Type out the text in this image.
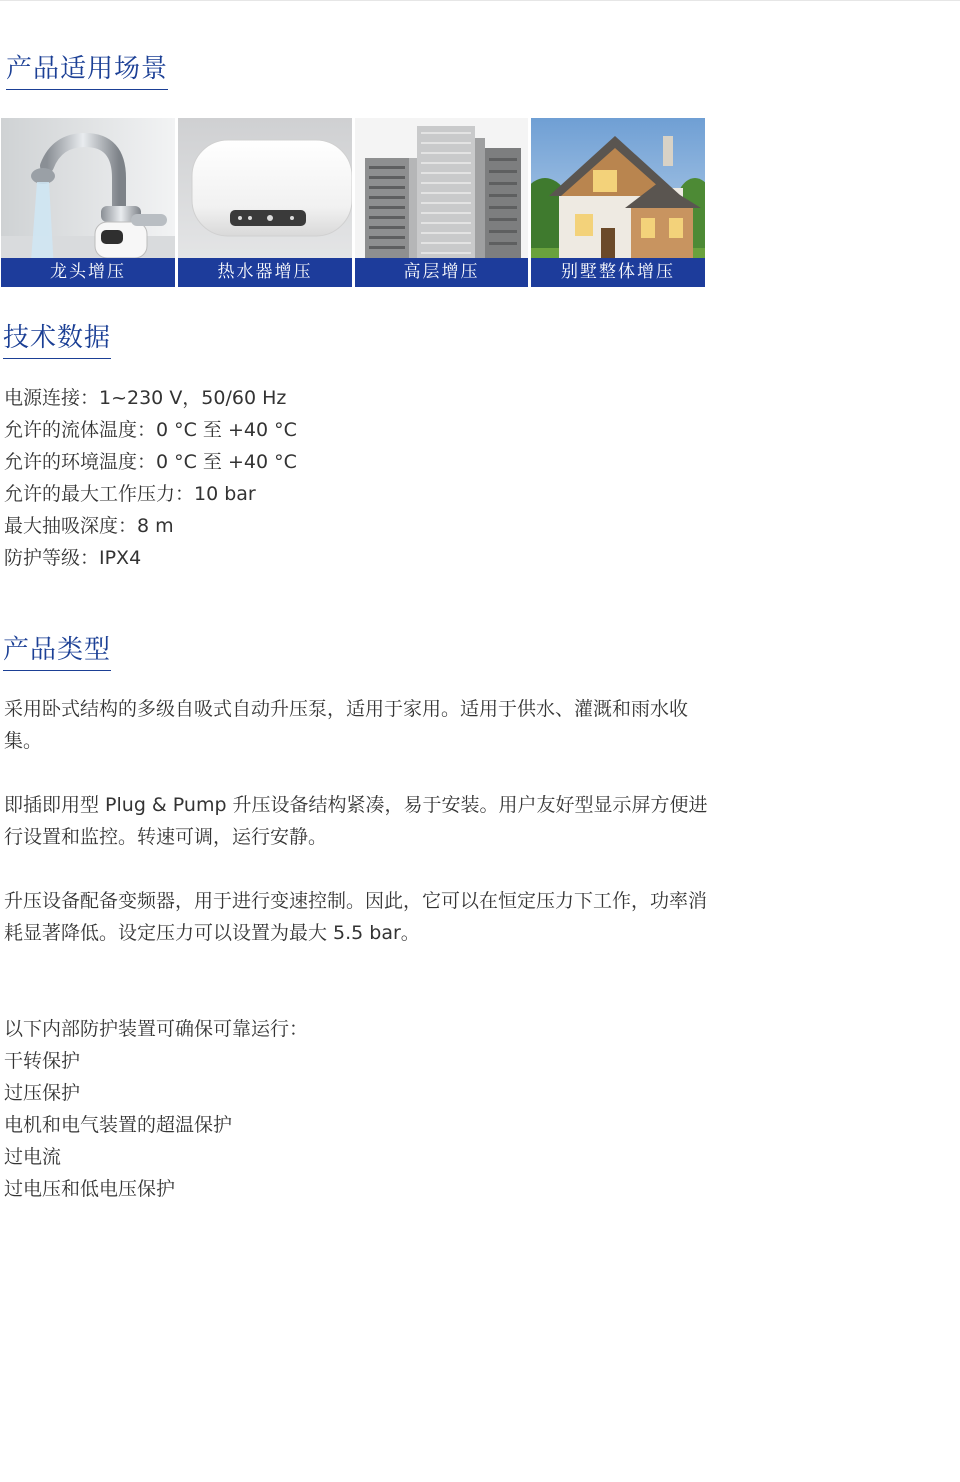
产品适用场景
龙头增压	热水器增压	高层增压	别墅整体增压
技术数据
电源连接：1~230 V，50/60 Hz
允许的流体温度：0 °C 至 +40 °C
允许的环境温度：0 °C 至 +40 °C
允许的最大工作压力：10 bar
最大抽吸深度：8 m
防护等级：IPX4
产品类型

采用卧式结构的多级自吸式自动升压泵，适用于家用。适用于供水、灌溉和雨水收集。

即插即用型 Plug & Pump 升压设备结构紧凑，易于安装。用户友好型显示屏方便进行设置和监控。转速可调，运行安静。

升压设备配备变频器，用于进行变速控制。因此，它可以在恒定压力下工作，功率消耗显著降低。设定压力可以设置为最大 5.5 bar。

以下内部防护装置可确保可靠运行：

干转保护
过压保护
电机和电气装置的超温保护
过电流
过电压和低电压保护
